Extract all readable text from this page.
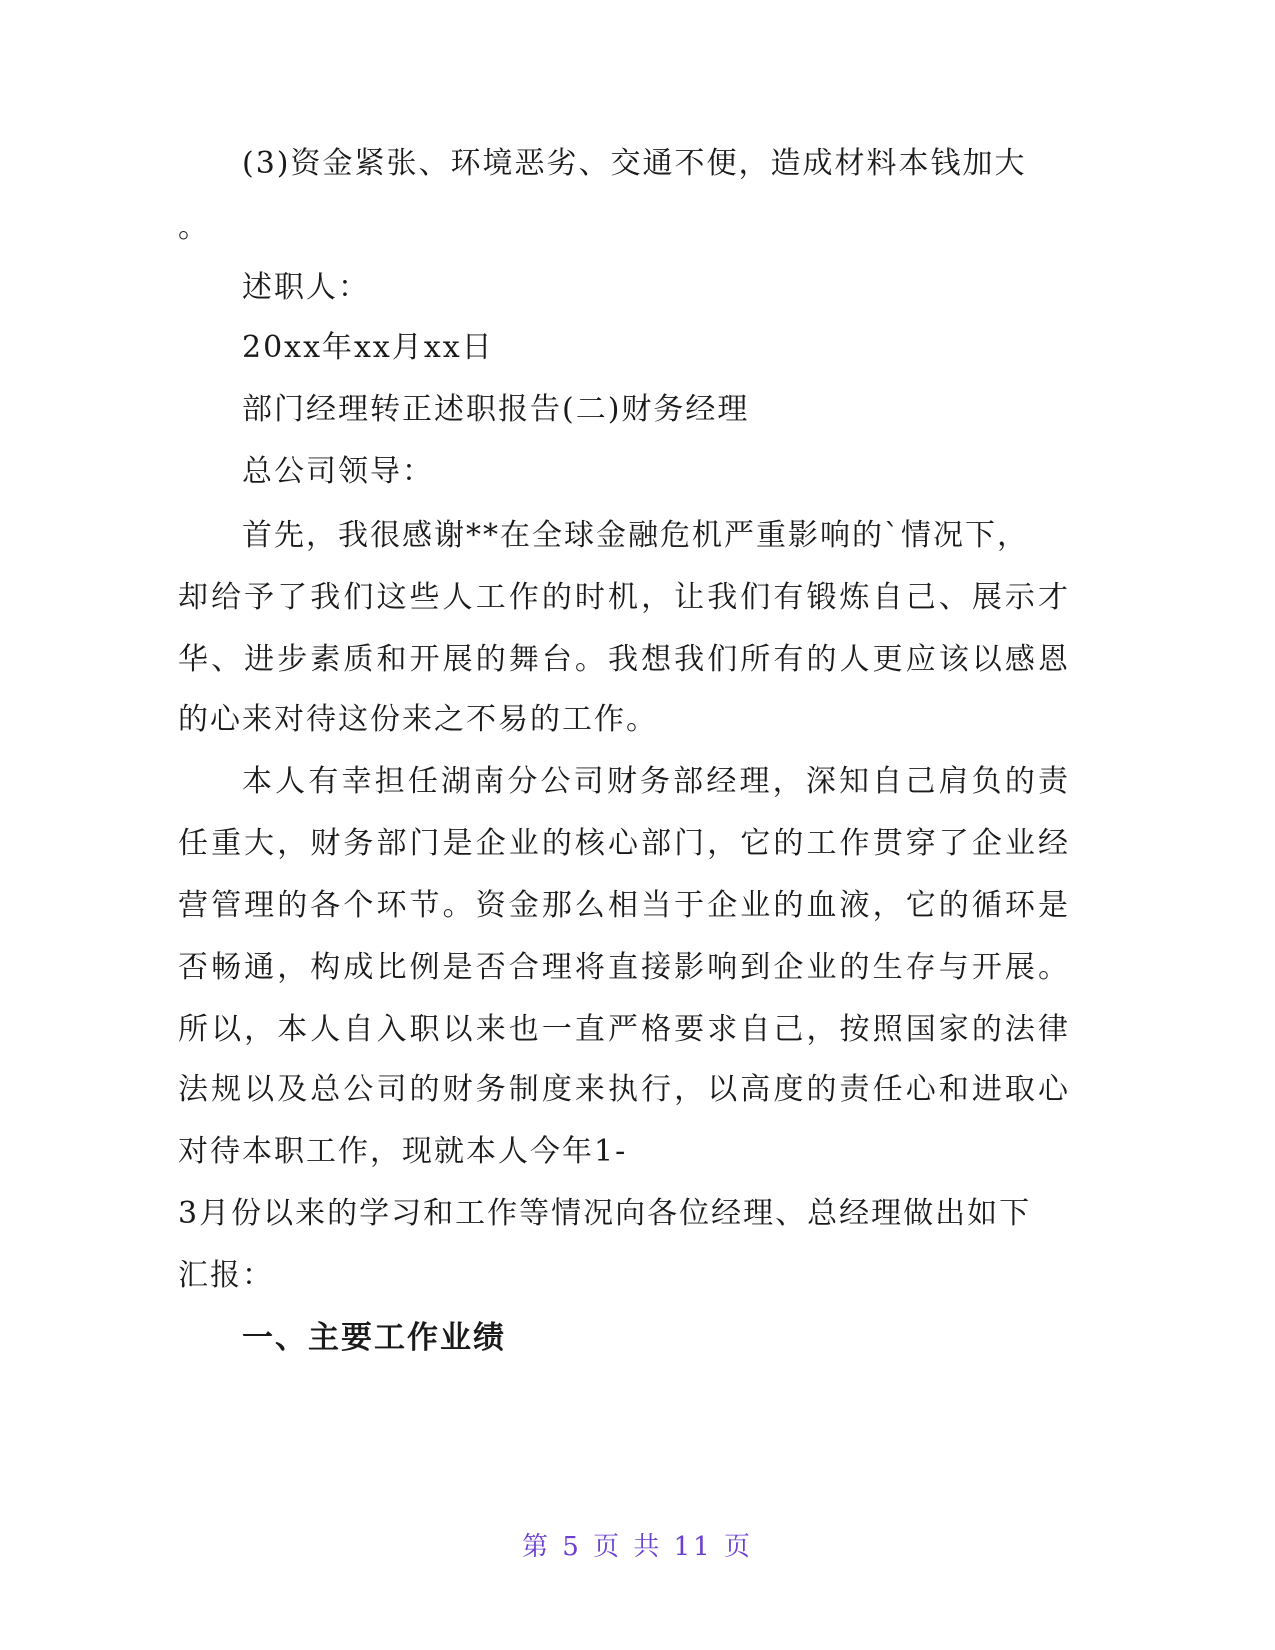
(3)资金紧张、环境恶劣、交通不便，造成材料本钱加大
。
述职人：
20xx年xx月xx日
部门经理转正述职报告(二)财务经理
总公司领导：
首先，我很感谢**在全球金融危机严重影响的`情况下，
却给予了我们这些人工作的时机，让我们有锻炼自己、展示才
华、进步素质和开展的舞台。我想我们所有的人更应该以感恩
的心来对待这份来之不易的工作。
本人有幸担任湖南分公司财务部经理，深知自己肩负的责
任重大，财务部门是企业的核心部门，它的工作贯穿了企业经
营管理的各个环节。资金那么相当于企业的血液，它的循环是
否畅通，构成比例是否合理将直接影响到企业的生存与开展。
所以，本人自入职以来也一直严格要求自己，按照国家的法律
法规以及总公司的财务制度来执行，以高度的责任心和进取心
对待本职工作，现就本人今年1-
3月份以来的学习和工作等情况向各位经理、总经理做出如下
汇报：
一、主要工作业绩
第 5 页 共 11 页
